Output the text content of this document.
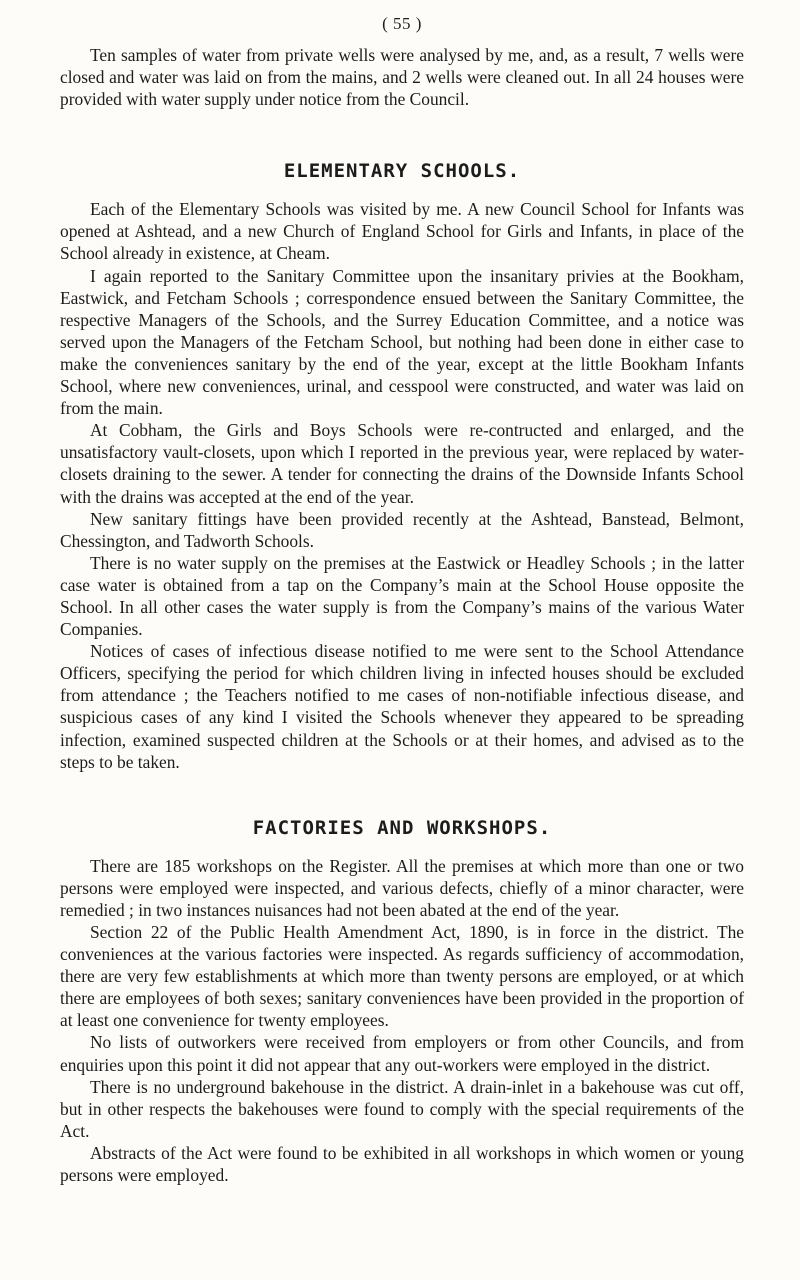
( 55 )

Ten samples of water from private wells were analysed by me, and, as a result, 7 wells were closed and water was laid on from the mains, and 2 wells were cleaned out. In all 24 houses were provided with water supply under notice from the Council.

ELEMENTARY SCHOOLS.

Each of the Elementary Schools was visited by me. A new Council School for Infants was opened at Ashtead, and a new Church of England School for Girls and Infants, in place of the School already in existence, at Cheam.

I again reported to the Sanitary Committee upon the insanitary privies at the Bookham, Eastwick, and Fetcham Schools ; correspondence ensued between the Sanitary Committee, the respective Managers of the Schools, and the Surrey Education Committee, and a notice was served upon the Managers of the Fetcham School, but nothing had been done in either case to make the conveniences sanitary by the end of the year, except at the little Bookham Infants School, where new conveniences, urinal, and cesspool were constructed, and water was laid on from the main.

At Cobham, the Girls and Boys Schools were re-contructed and enlarged, and the unsatisfactory vault-closets, upon which I reported in the previous year, were replaced by water-closets draining to the sewer. A tender for connecting the drains of the Downside Infants School with the drains was accepted at the end of the year.

New sanitary fittings have been provided recently at the Ashtead, Banstead, Belmont, Chessington, and Tadworth Schools.

There is no water supply on the premises at the Eastwick or Headley Schools ; in the latter case water is obtained from a tap on the Company’s main at the School House opposite the School. In all other cases the water supply is from the Company’s mains of the various Water Companies.

Notices of cases of infectious disease notified to me were sent to the School Attendance Officers, specifying the period for which children living in infected houses should be excluded from attendance ; the Teachers notified to me cases of non-notifiable infectious disease, and suspicious cases of any kind I visited the Schools whenever they appeared to be spreading infection, examined suspected children at the Schools or at their homes, and advised as to the steps to be taken.

FACTORIES AND WORKSHOPS.

There are 185 workshops on the Register. All the premises at which more than one or two persons were employed were inspected, and various defects, chiefly of a minor character, were remedied ; in two instances nuisances had not been abated at the end of the year.

Section 22 of the Public Health Amendment Act, 1890, is in force in the district. The conveniences at the various factories were inspected. As regards sufficiency of accommodation, there are very few establishments at which more than twenty persons are employed, or at which there are employees of both sexes; sanitary conveniences have been provided in the proportion of at least one convenience for twenty employees.

No lists of outworkers were received from employers or from other Councils, and from enquiries upon this point it did not appear that any out-workers were employed in the district.

There is no underground bakehouse in the district. A drain-inlet in a bakehouse was cut off, but in other respects the bakehouses were found to comply with the special requirements of the Act.

Abstracts of the Act were found to be exhibited in all workshops in which women or young persons were employed.
